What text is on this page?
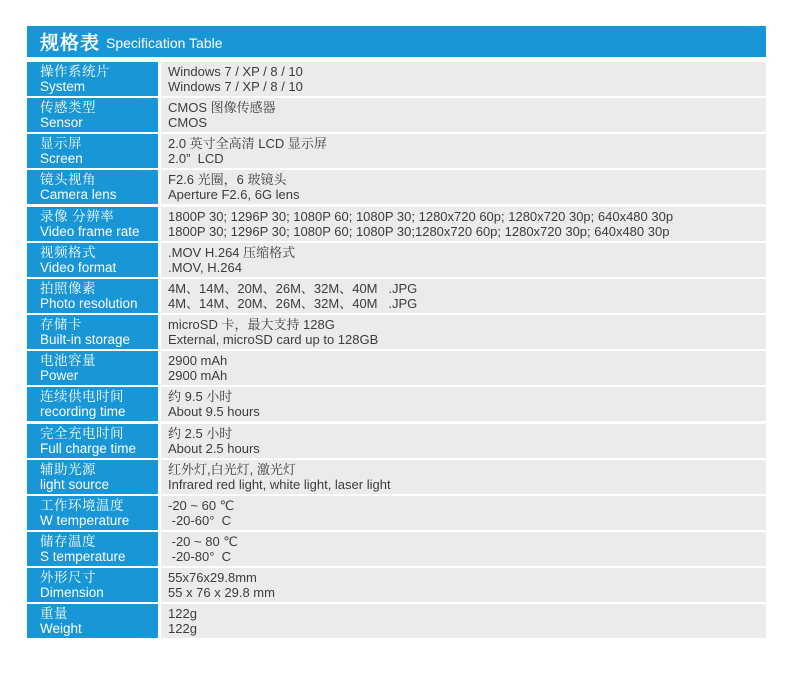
规格表 Specification Table
操作系统片
System
Windows 7 / XP / 8 / 10
Windows 7 / XP / 8 / 10
传感类型
Sensor
CMOS 图像传感器
CMOS
显示屏
Screen
2.0 英寸全高清 LCD 显示屏
2.0”  LCD
镜头视角
Camera lens
F2.6 光圈，6 玻镜头
Aperture F2.6, 6G lens
录像 分辨率
Video frame rate
1800P 30; 1296P 30; 1080P 60; 1080P 30; 1280x720 60p; 1280x720 30p; 640x480 30p
1800P 30; 1296P 30; 1080P 60; 1080P 30;1280x720 60p; 1280x720 30p; 640x480 30p
视频格式
Video format
.MOV H.264 压缩格式
.MOV, H.264
拍照像素
Photo resolution
4M、14M、20M、26M、32M、40M   .JPG
4M、14M、20M、26M、32M、40M   .JPG
存储卡
Built-in storage
microSD 卡，最大支持 128G
External, microSD card up to 128GB
电池容量
Power
2900 mAh
2900 mAh
连续供电时间
recording time
约 9.5 小时
About 9.5 hours
完全充电时间
Full charge time
约 2.5 小时
About 2.5 hours
辅助光源
light source
红外灯,白光灯, 激光灯
Infrared red light, white light, laser light
工作环境温度
W temperature
-20 ~ 60 ℃
-20-60°  C
储存温度
S temperature
-20 ~ 80 ℃
-20-80°  C
外形尺寸
Dimension
55x76x29.8mm
55 x 76 x 29.8 mm
重量
Weight
122g
122g
